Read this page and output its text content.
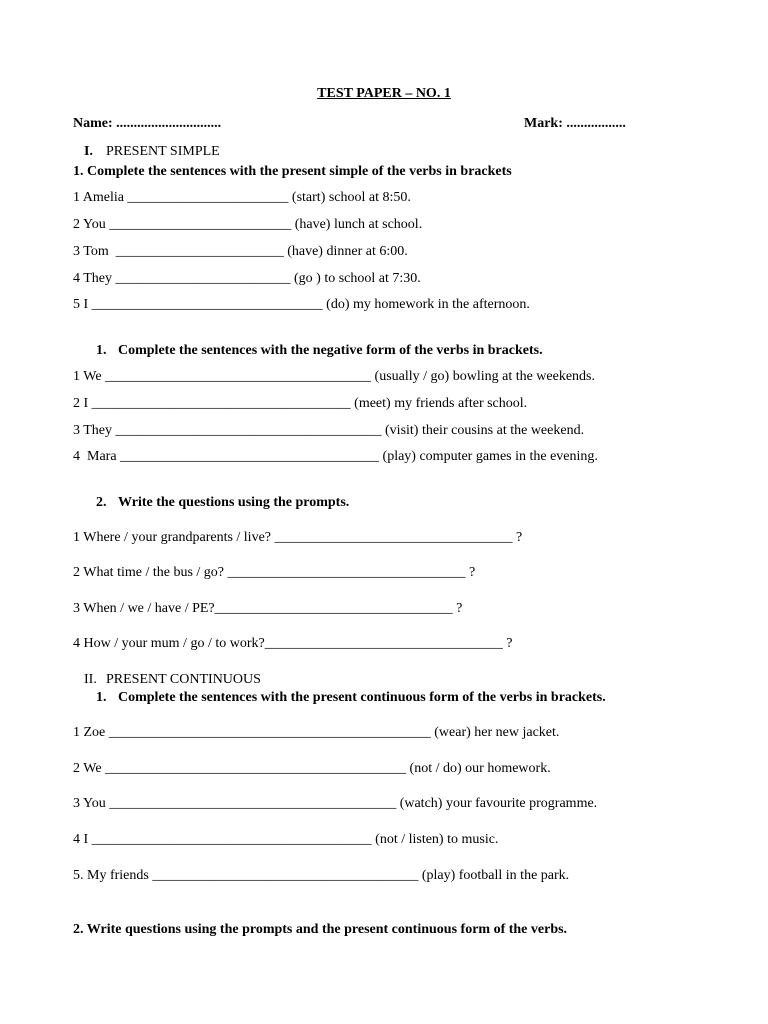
TEST PAPER – NO. 1
Name: ..............................	Mark: .................
I. PRESENT SIMPLE
1. Complete the sentences with the present simple of the verbs in brackets
1 Amelia _______________________ (start) school at 8:50.
2 You __________________________ (have) lunch at school.
3 Tom  ________________________ (have) dinner at 6:00.
4 They _________________________ (go ) to school at 7:30.
5 I _________________________________ (do) my homework in the afternoon.
1. Complete the sentences with the negative form of the verbs in brackets.
1 We ______________________________________ (usually / go) bowling at the weekends.
2 I _____________________________________ (meet) my friends after school.
3 They ______________________________________ (visit) their cousins at the weekend.
4  Mara _____________________________________ (play) computer games in the evening.
2. Write the questions using the prompts.
1 Where / your grandparents / live? __________________________________ ?
2 What time / the bus / go? __________________________________ ?
3 When / we / have / PE?__________________________________ ?
4 How / your mum / go / to work?__________________________________ ?
II. PRESENT CONTINUOUS
1. Complete the sentences with the present continuous form of the verbs in brackets.
1 Zoe ______________________________________________ (wear) her new jacket.
2 We ___________________________________________ (not / do) our homework.
3 You _________________________________________ (watch) your favourite programme.
4 I ________________________________________ (not / listen) to music.
5. My friends ______________________________________ (play) football in the park.
2. Write questions using the prompts and the present continuous form of the verbs.
